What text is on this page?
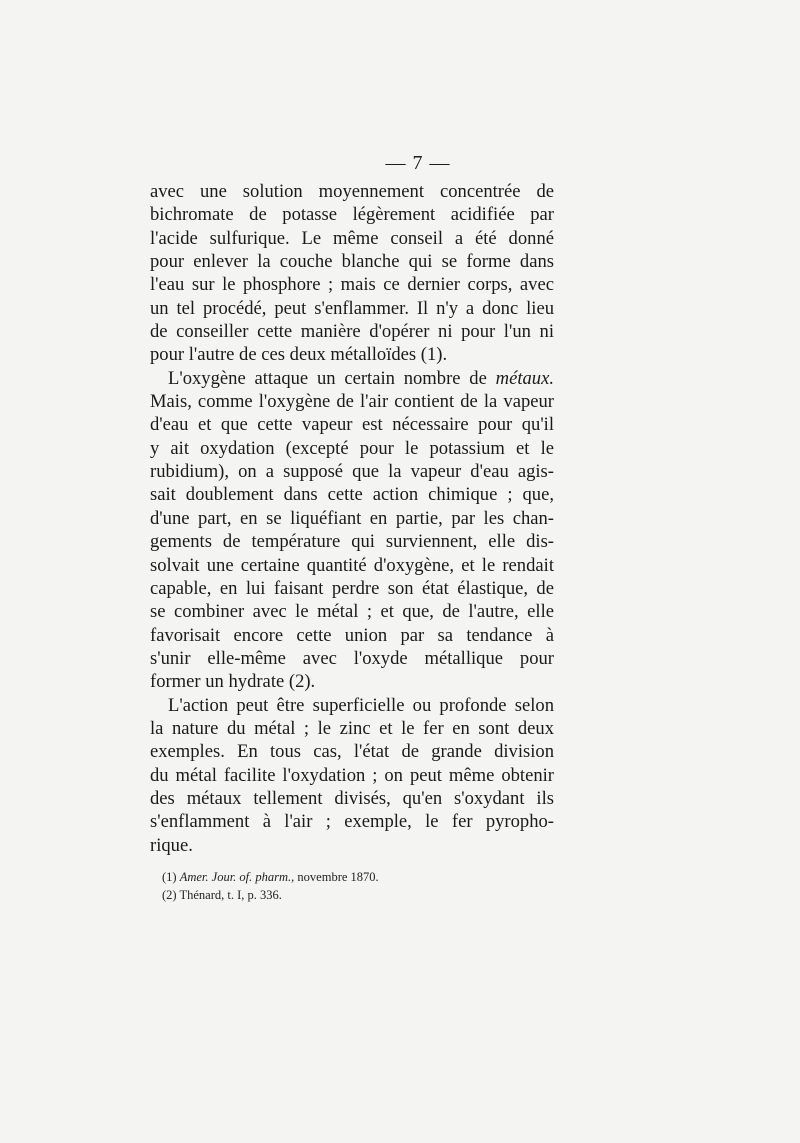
— 7 —

avec une solution moyennement concentrée de
bichromate de potasse légèrement acidifiée par
l'acide sulfurique. Le même conseil a été donné
pour enlever la couche blanche qui se forme dans
l'eau sur le phosphore ; mais ce dernier corps, avec
un tel procédé, peut s'enflammer. Il n'y a donc lieu
de conseiller cette manière d'opérer ni pour l'un ni
pour l'autre de ces deux métalloïdes (1).

L'oxygène attaque un certain nombre de métaux.
Mais, comme l'oxygène de l'air contient de la vapeur
d'eau et que cette vapeur est nécessaire pour qu'il
y ait oxydation (excepté pour le potassium et le
rubidium), on a supposé que la vapeur d'eau agis-
sait doublement dans cette action chimique ; que,
d'une part, en se liquéfiant en partie, par les chan-
gements de température qui surviennent, elle dis-
solvait une certaine quantité d'oxygène, et le rendait
capable, en lui faisant perdre son état élastique, de
se combiner avec le métal ; et que, de l'autre, elle
favorisait encore cette union par sa tendance à
s'unir elle-même avec l'oxyde métallique pour
former un hydrate (2).

L'action peut être superficielle ou profonde selon
la nature du métal ; le zinc et le fer en sont deux
exemples. En tous cas, l'état de grande division
du métal facilite l'oxydation ; on peut même obtenir
des métaux tellement divisés, qu'en s'oxydant ils
s'enflamment à l'air ; exemple, le fer pyropho-
rique.

(1) Amer. Jour. of. pharm., novembre 1870.
(2) Thénard, t. I, p. 336.
